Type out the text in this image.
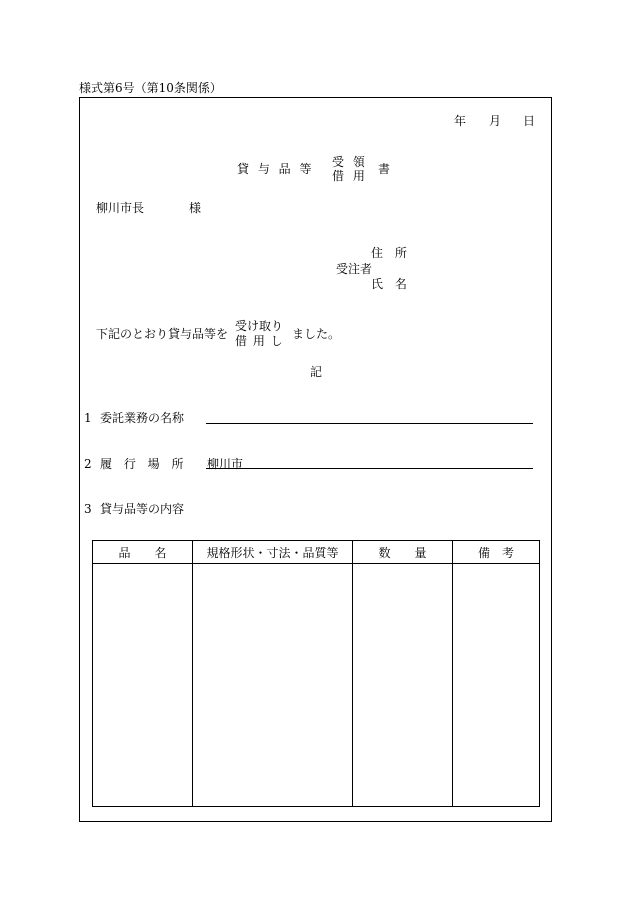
様式第6号（第10条関係）
年 月 日
貸 与 品 等 受 領
借 用 書
柳川市長	様
住 所
受注者
氏 名
下記のとおり貸与品等を
受け取り
借 用 し ました。
記
1 委託業務の名称
2 履 行 場 所 柳川市
3 貸与品等の内容
品　　名	規格形状・寸法・品質等	数　　量	備　考
